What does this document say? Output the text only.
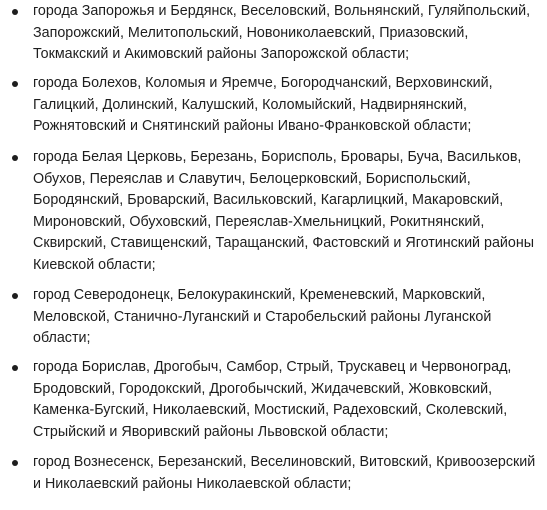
города Запорожья и Бердянск, Веселовский, Вольнянский, Гуляйпольский, Запорожский, Мелитопольский, Новониколаевский, Приазовский, Токмакский и Акимовский районы Запорожской области;
города Болехов, Коломыя и Яремче, Богородчанский, Верховинский, Галицкий, Долинский, Калушский, Коломыйский, Надвирнянский, Рожнятовский и Снятинский районы Ивано-Франковской области;
города Белая Церковь, Березань, Борисполь, Бровары, Буча, Васильков, Обухов, Переяслав и Славутич, Белоцерковский, Бориспольский, Бородянский, Броварский, Васильковский, Кагарлицкий, Макаровский, Мироновский, Обуховский, Переяслав-Хмельницкий, Рокитнянский, Сквирский, Ставищенский, Таращанский, Фастовский и Яготинский районы Киевской области;
город Северодонецк, Белокуракинский, Кременевский, Марковский, Меловской, Станично-Луганский и Старобельский районы Луганской области;
города Борислав, Дрогобыч, Самбор, Стрый, Трускавец и Червоноград, Бродовский, Городокский, Дрогобычский, Жидачевский, Жовковский, Каменка-Бугский, Николаевский, Мостиский, Радеховский, Сколевский, Стрыйский и Яворивский районы Львовской области;
город Вознесенск, Березанский, Веселиновский, Витовский, Кривоозерский и Николаевский районы Николаевской области;
